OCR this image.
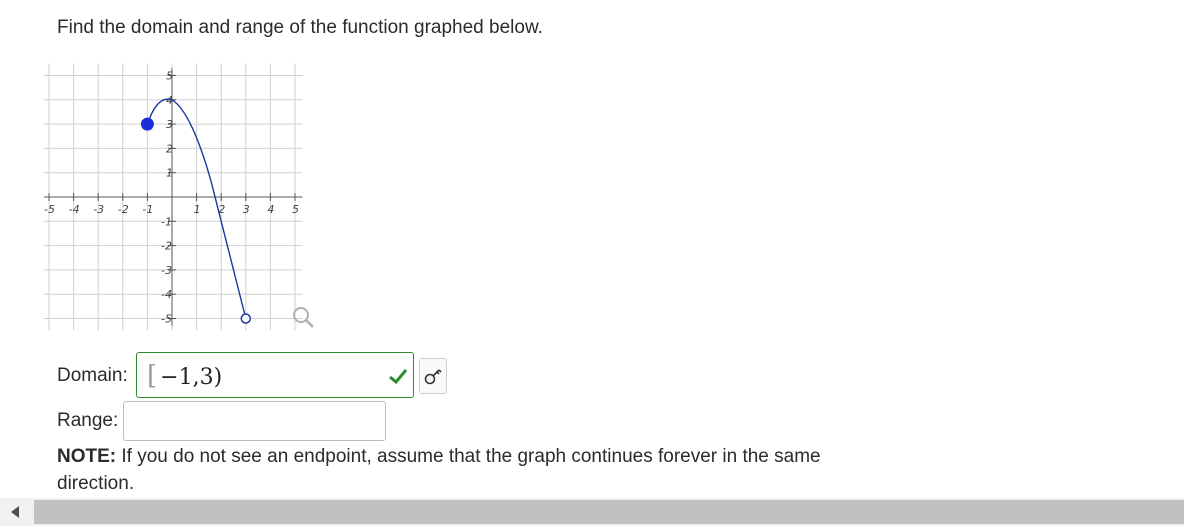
Find the domain and range of the function graphed below.
-5 -4 -3 -2 -1	1 2 3 4 5
5
4
3
2
1
-1
-2
-3
-4
-5
Domain: [ −1,3)
Range:
NOTE: If you do not see an endpoint, assume that the graph continues forever in the same direction.
